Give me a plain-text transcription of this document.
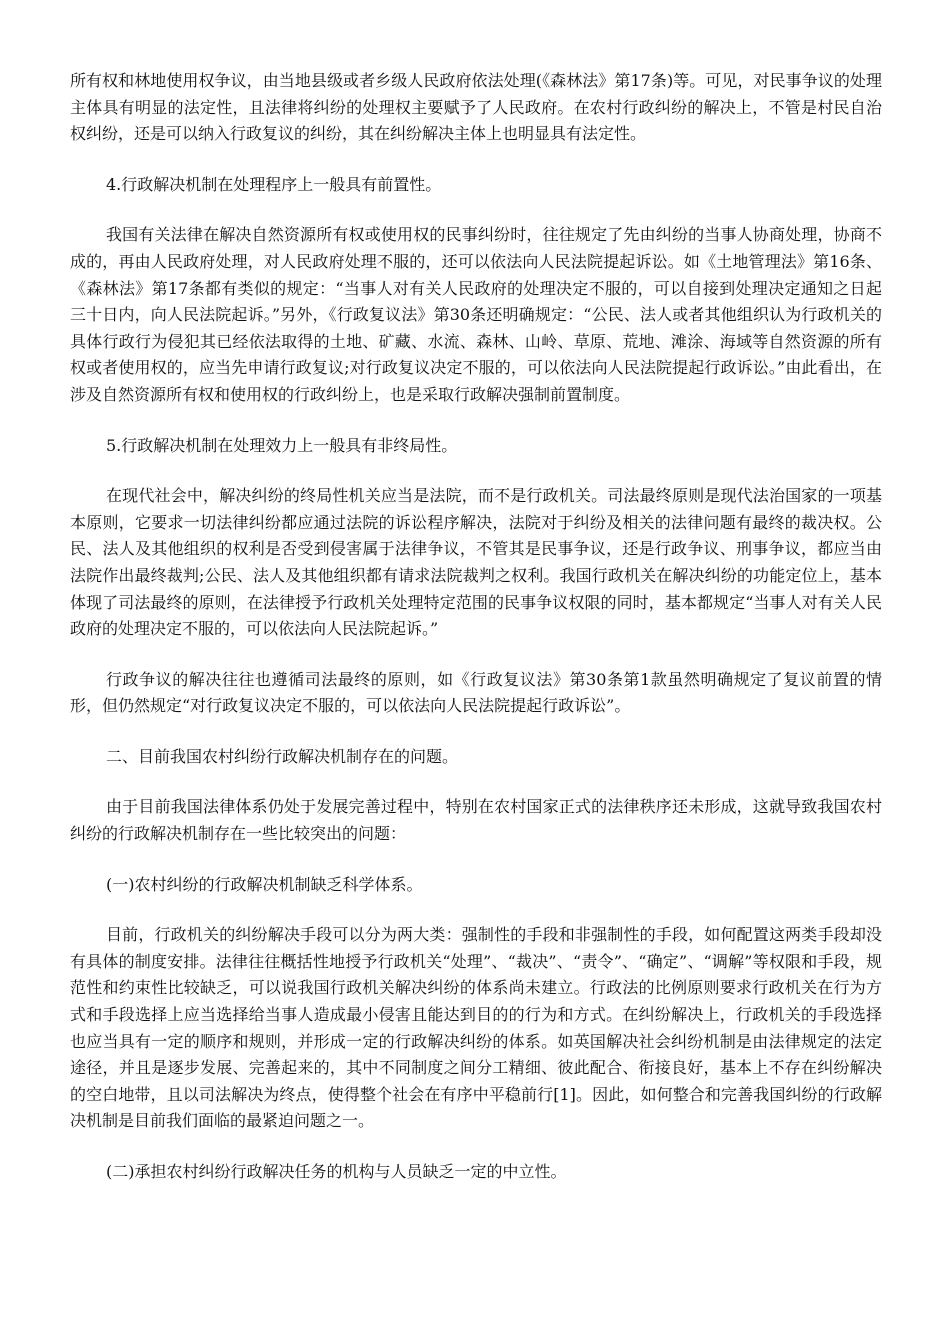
所有权和林地使用权争议，由当地县级或者乡级人民政府依法处理(《森林法》第17条)等。可见，对民事争议的处理主体具有明显的法定性，且法律将纠纷的处理权主要赋予了人民政府。在农村行政纠纷的解决上，不管是村民自治权纠纷，还是可以纳入行政复议的纠纷，其在纠纷解决主体上也明显具有法定性。

4.行政解决机制在处理程序上一般具有前置性。

我国有关法律在解决自然资源所有权或使用权的民事纠纷时，往往规定了先由纠纷的当事人协商处理，协商不成的，再由人民政府处理，对人民政府处理不服的，还可以依法向人民法院提起诉讼。如《土地管理法》第16条、《森林法》第17条都有类似的规定：“当事人对有关人民政府的处理决定不服的，可以自接到处理决定通知之日起三十日内，向人民法院起诉。”另外，《行政复议法》第30条还明确规定：“公民、法人或者其他组织认为行政机关的具体行政行为侵犯其已经依法取得的土地、矿藏、水流、森林、山岭、草原、荒地、滩涂、海域等自然资源的所有权或者使用权的，应当先申请行政复议;对行政复议决定不服的，可以依法向人民法院提起行政诉讼。”由此看出，在涉及自然资源所有权和使用权的行政纠纷上，也是采取行政解决强制前置制度。

5.行政解决机制在处理效力上一般具有非终局性。

在现代社会中，解决纠纷的终局性机关应当是法院，而不是行政机关。司法最终原则是现代法治国家的一项基本原则，它要求一切法律纠纷都应通过法院的诉讼程序解决，法院对于纠纷及相关的法律问题有最终的裁决权。公民、法人及其他组织的权利是否受到侵害属于法律争议，不管其是民事争议，还是行政争议、刑事争议，都应当由法院作出最终裁判;公民、法人及其他组织都有请求法院裁判之权利。我国行政机关在解决纠纷的功能定位上，基本体现了司法最终的原则，在法律授予行政机关处理特定范围的民事争议权限的同时，基本都规定“当事人对有关人民政府的处理决定不服的，可以依法向人民法院起诉。”

行政争议的解决往往也遵循司法最终的原则，如《行政复议法》第30条第1款虽然明确规定了复议前置的情形，但仍然规定“对行政复议决定不服的，可以依法向人民法院提起行政诉讼”。

二、目前我国农村纠纷行政解决机制存在的问题。

由于目前我国法律体系仍处于发展完善过程中，特别在农村国家正式的法律秩序还未形成，这就导致我国农村纠纷的行政解决机制存在一些比较突出的问题：

(一)农村纠纷的行政解决机制缺乏科学体系。

目前，行政机关的纠纷解决手段可以分为两大类：强制性的手段和非强制性的手段，如何配置这两类手段却没有具体的制度安排。法律往往概括性地授予行政机关“处理”、“裁决”、“责令”、“确定”、“调解”等权限和手段，规范性和约束性比较缺乏，可以说我国行政机关解决纠纷的体系尚未建立。行政法的比例原则要求行政机关在行为方式和手段选择上应当选择给当事人造成最小侵害且能达到目的的行为和方式。在纠纷解决上，行政机关的手段选择也应当具有一定的顺序和规则，并形成一定的行政解决纠纷的体系。如英国解决社会纠纷机制是由法律规定的法定途径，并且是逐步发展、完善起来的，其中不同制度之间分工精细、彼此配合、衔接良好，基本上不存在纠纷解决的空白地带，且以司法解决为终点，使得整个社会在有序中平稳前行[1]。因此，如何整合和完善我国纠纷的行政解决机制是目前我们面临的最紧迫问题之一。

(二)承担农村纠纷行政解决任务的机构与人员缺乏一定的中立性。
